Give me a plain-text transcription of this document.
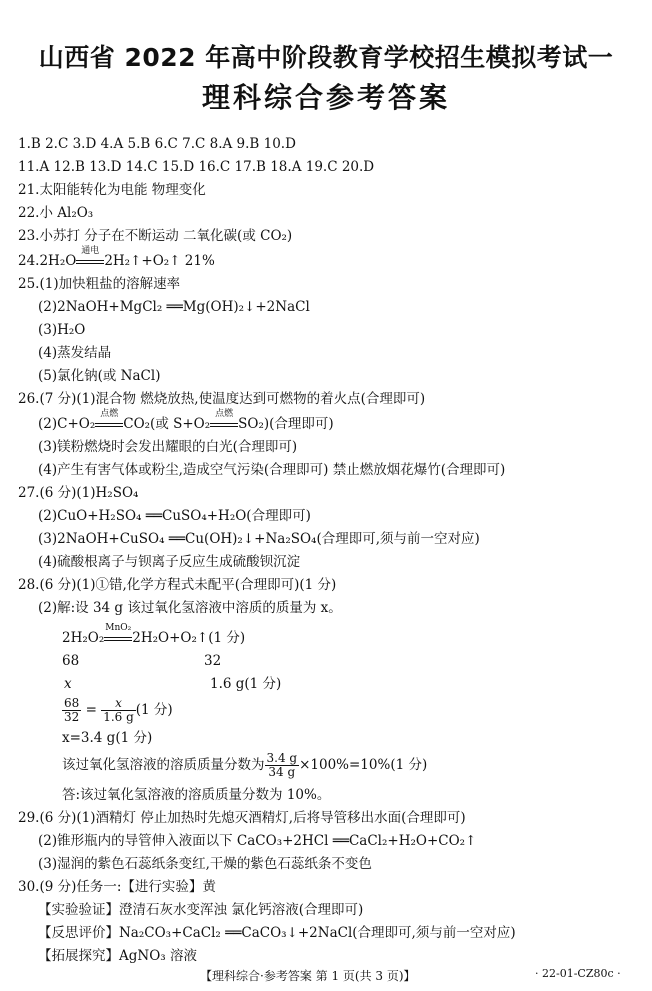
山西省 2022 年高中阶段教育学校招生模拟考试一
理科综合参考答案
1.B 2.C 3.D 4.A 5.B 6.C 7.C 8.A 9.B 10.D
11.A 12.B 13.D 14.C 15.D 16.C 17.B 18.A 19.C 20.D
21.太阳能转化为电能 物理变化
22.小 Al₂O₃
23.小苏打 分子在不断运动 二氧化碳(或 CO₂)
24.2H₂O
通电
2H₂↑+O₂↑ 21%
25.(1)加快粗盐的溶解速率
(2)2NaOH+MgCl₂ ══Mg(OH)₂↓+2NaCl
(3)H₂O
(4)蒸发结晶
(5)氯化钠(或 NaCl)
26.(7 分)(1)混合物 燃烧放热,使温度达到可燃物的着火点(合理即可)
(2)C+O₂
点燃
CO₂(或 S+O₂
点燃
SO₂)(合理即可)
(3)镁粉燃烧时会发出耀眼的白光(合理即可)
(4)产生有害气体或粉尘,造成空气污染(合理即可) 禁止燃放烟花爆竹(合理即可)
27.(6 分)(1)H₂SO₄
(2)CuO+H₂SO₄ ══CuSO₄+H₂O(合理即可)
(3)2NaOH+CuSO₄ ══Cu(OH)₂↓+Na₂SO₄(合理即可,须与前一空对应)
(4)硫酸根离子与钡离子反应生成硫酸钡沉淀
28.(6 分)(1)①错,化学方程式未配平(合理即可)(1 分)
(2)解:设 34 g 该过氧化氢溶液中溶质的质量为 x。
2H₂O₂
MnO₂
2H₂O+O₂↑(1 分)
68	32
x	1.6 g(1 分)
$\frac{68}{32} = \frac{x}{1.6 g} (1$ 分)
x=3.4 g(1 分)
该过氧化氢溶液的溶质质量分数为 $\frac{3.4 g}{34 g} \times 100\%=10\%(1$ 分)
答:该过氧化氢溶液的溶质质量分数为 10%。
29.(6 分)(1)酒精灯 停止加热时先熄灭酒精灯,后将导管移出水面(合理即可)
(2)锥形瓶内的导管伸入液面以下 CaCO₃+2HCl ══CaCl₂+H₂O+CO₂↑
(3)湿润的紫色石蕊纸条变红,干燥的紫色石蕊纸条不变色
30.(9 分)任务一:【进行实验】黄
【实验验证】澄清石灰水变浑浊 氯化钙溶液(合理即可)
【反思评价】Na₂CO₃+CaCl₂ ══CaCO₃↓+2NaCl(合理即可,须与前一空对应)
【拓展探究】AgNO₃ 溶液
【理科综合·参考答案 第 1 页(共 3 页)】	· 22-01-CZ80c ·
